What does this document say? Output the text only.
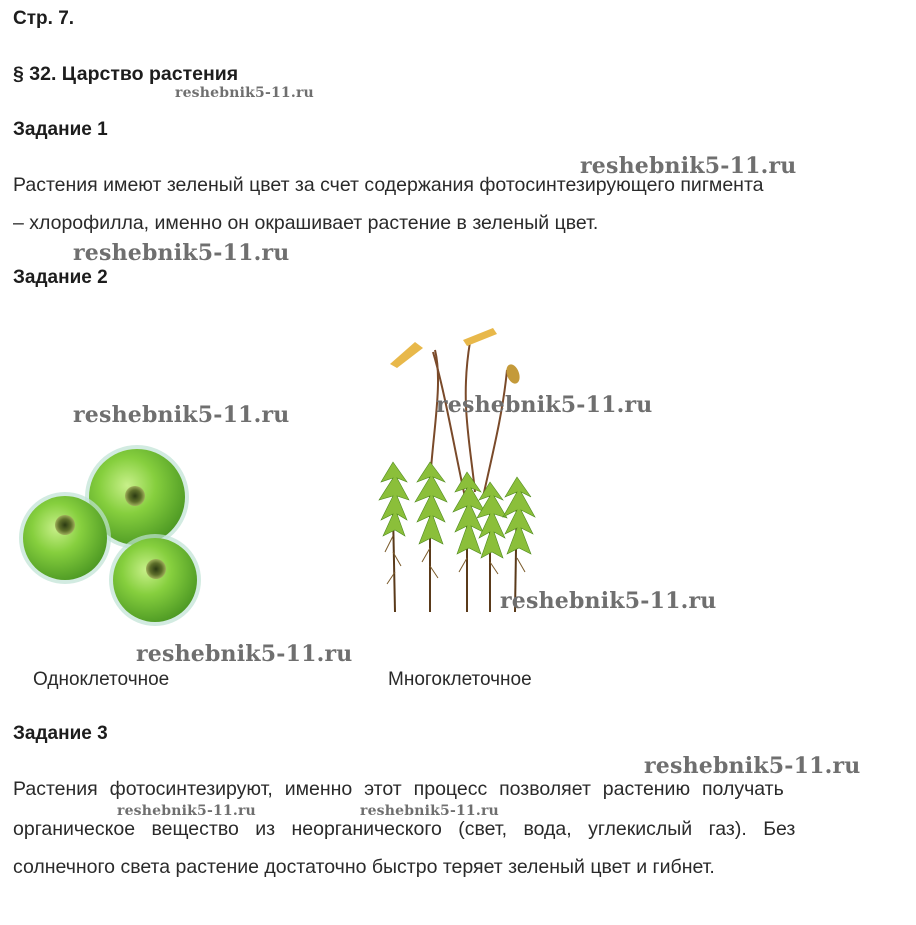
Стр. 7.
§ 32. Царство растения
reshebnik5-11.ru
Задание 1
reshebnik5-11.ru
Растения имеют зеленый цвет за счет содержания фотосинтезирующего пигмента
– хлорофилла, именно он окрашивает растение в зеленый цвет.
reshebnik5-11.ru
Задание 2
reshebnik5-11.ru	reshebnik5-11.ru
reshebnik5-11.ru
reshebnik5-11.ru
Одноклеточное	Многоклеточное
Задание 3
reshebnik5-11.ru
Растения фотосинтезируют, именно этот процесс позволяет растению получать
reshebnik5-11.ru	reshebnik5-11.ru
органическое вещество из неорганического (свет, вода, углекислый газ). Без
солнечного света растение достаточно быстро теряет зеленый цвет и гибнет.
